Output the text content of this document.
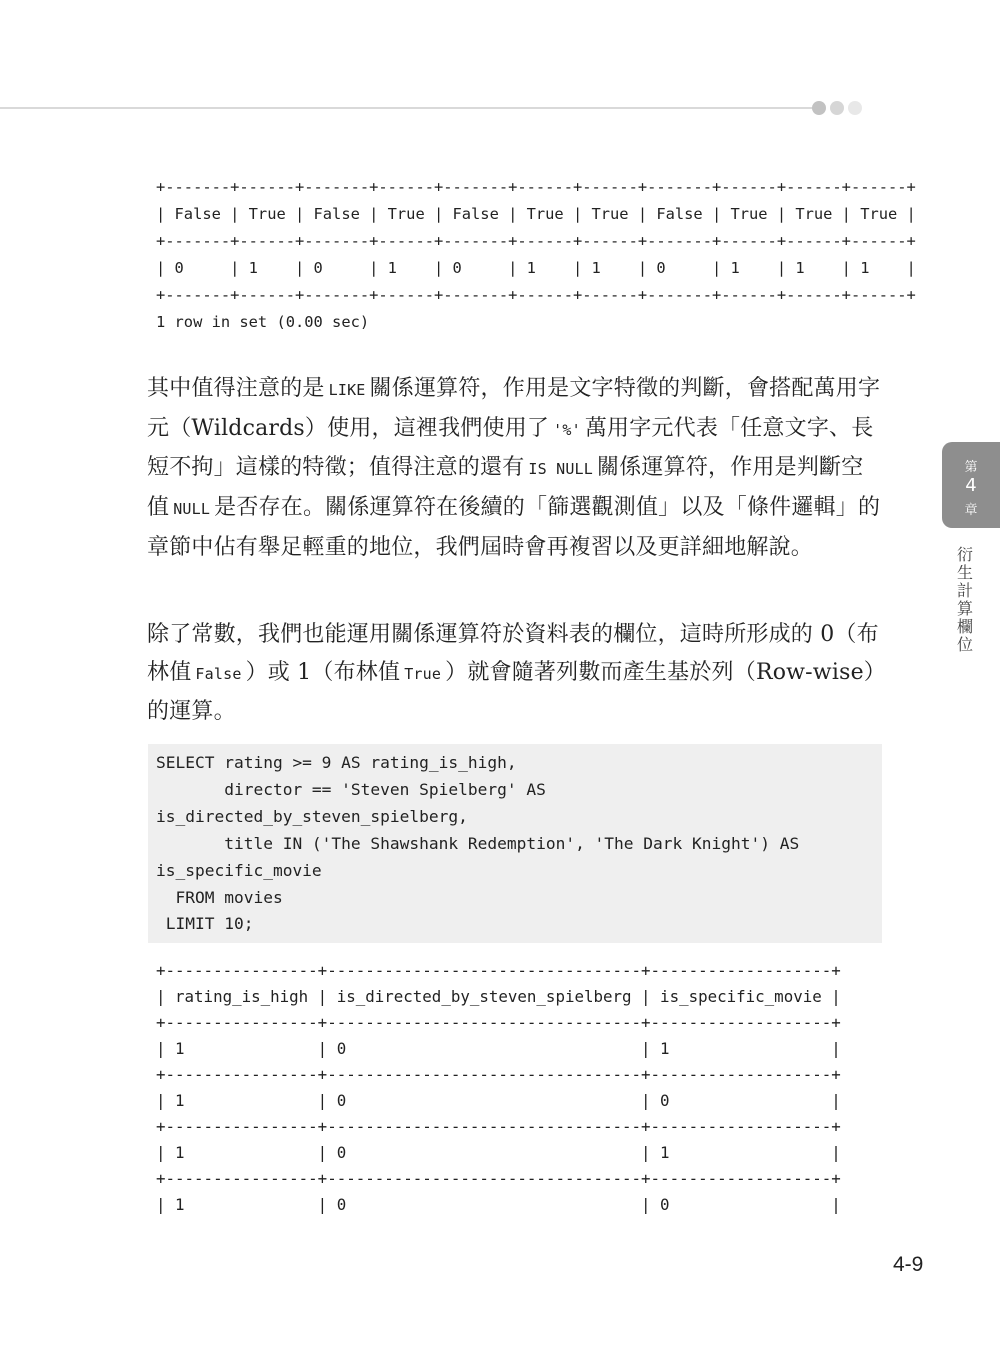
+-------+------+-------+------+-------+------+------+-------+------+------+------+
| False | True | False | True | False | True | True | False | True | True | True |
+-------+------+-------+------+-------+------+------+-------+------+------+------+
| 0     | 1    | 0     | 1    | 0     | 1    | 1    | 0     | 1    | 1    | 1    |
+-------+------+-------+------+-------+------+------+-------+------+------+------+
1 row in set (0.00 sec)

其中值得注意的是 LIKE 關係運算符，作用是文字特徵的判斷，會搭配萬用字元（Wildcards）使用，這裡我們使用了 '%' 萬用字元代表「任意文字、長短不拘」這樣的特徵；值得注意的還有 IS NULL 關係運算符，作用是判斷空值 NULL 是否存在。關係運算符在後續的「篩選觀測值」以及「條件邏輯」的章節中佔有舉足輕重的地位，我們屆時會再複習以及更詳細地解說。

除了常數，我們也能運用關係運算符於資料表的欄位，這時所形成的 0（布林值 False ）或 1（布林值 True ）就會隨著列數而產生基於列（Row-wise）的運算。

SELECT rating >= 9 AS rating_is_high,
director == 'Steven Spielberg' AS
is_directed_by_steven_spielberg,
title IN ('The Shawshank Redemption', 'The Dark Knight') AS
is_specific_movie
FROM movies
LIMIT 10;
+----------------+---------------------------------+-------------------+
| rating_is_high | is_directed_by_steven_spielberg | is_specific_movie |
+----------------+---------------------------------+-------------------+
| 1              | 0                               | 1                 |
+----------------+---------------------------------+-------------------+
| 1              | 0                               | 0                 |
+----------------+---------------------------------+-------------------+
| 1              | 0                               | 1                 |
+----------------+---------------------------------+-------------------+
| 1              | 0                               | 0                 |
第
4
章
衍生計算欄位
4-9
